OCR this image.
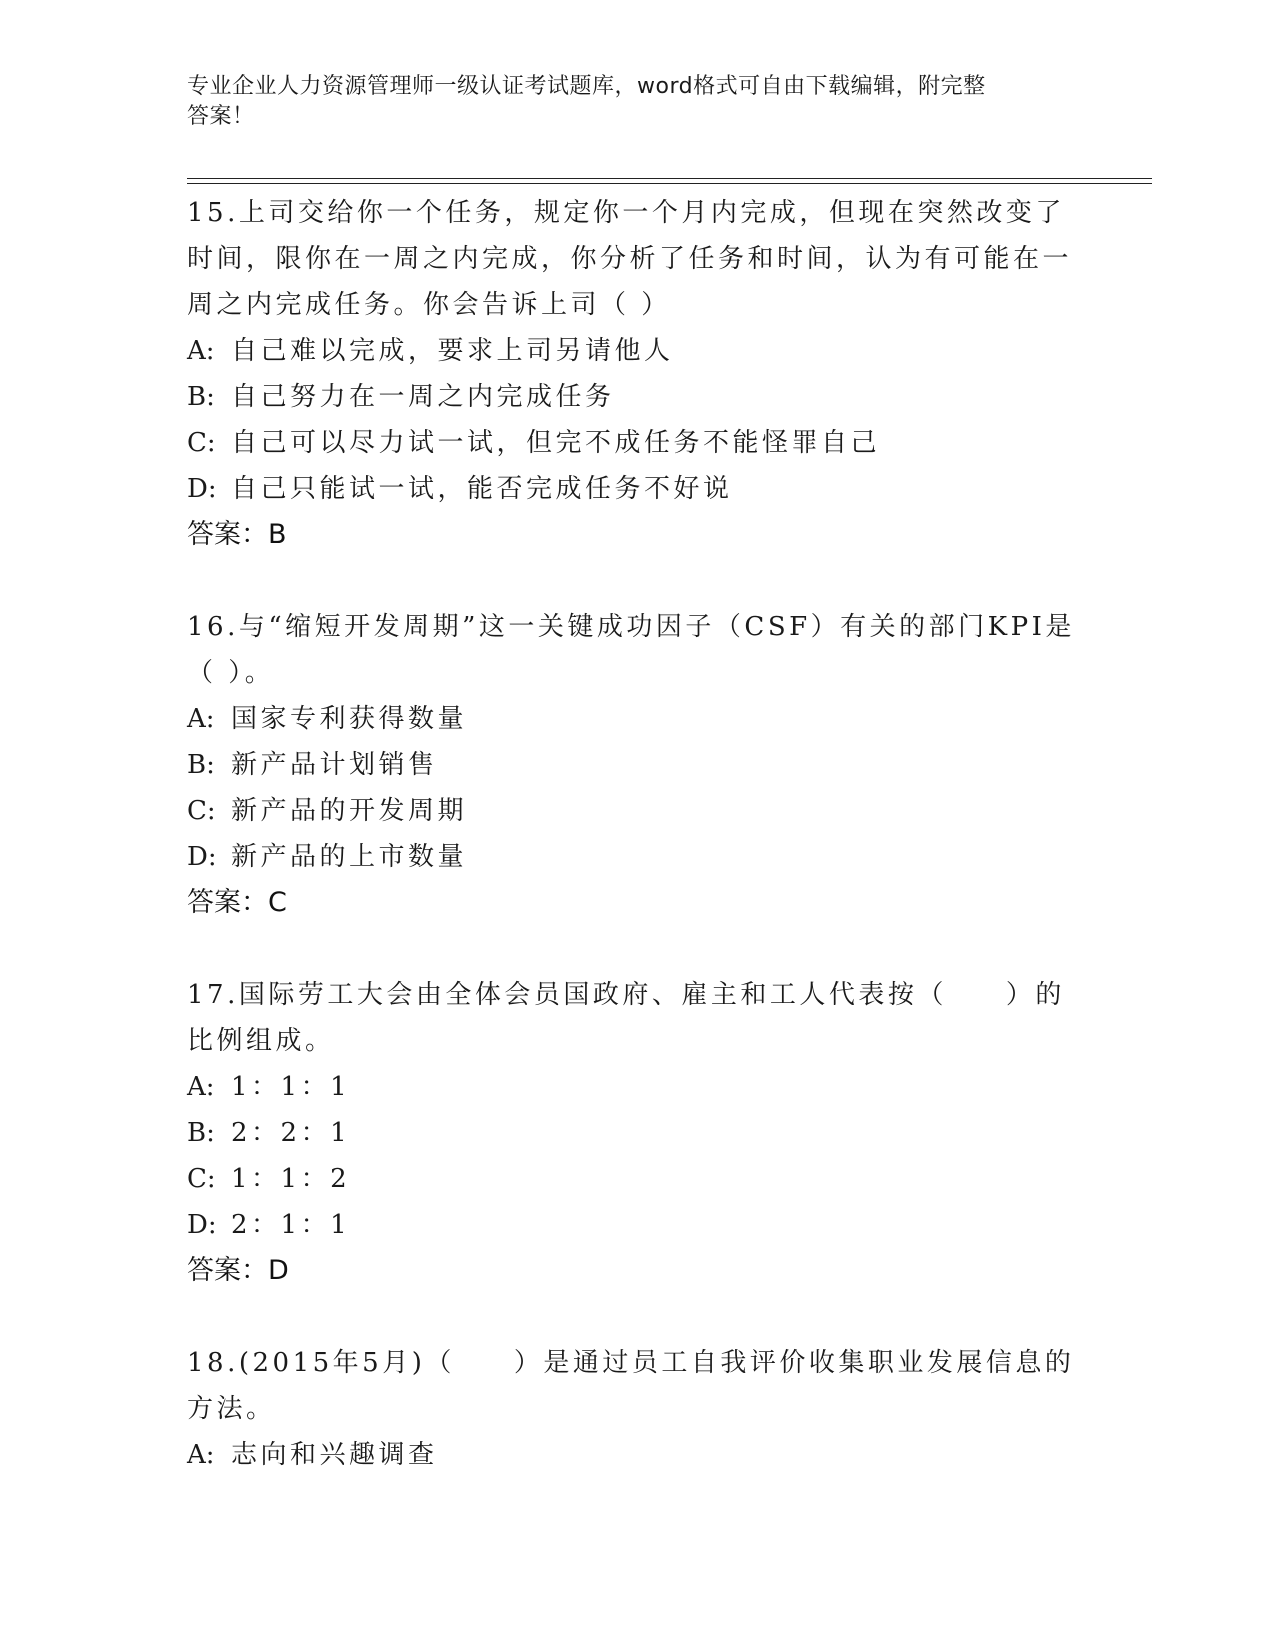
专业企业人力资源管理师一级认证考试题库，word格式可自由下载编辑，附完整
答案！

15.上司交给你一个任务，规定你一个月内完成，但现在突然改变了时间，限你在一周之内完成，你分析了任务和时间，认为有可能在一周之内完成任务。你会告诉上司（ ）

A: 自己难以完成，要求上司另请他人

B: 自己努力在一周之内完成任务

C: 自己可以尽力试一试，但完不成任务不能怪罪自己

D: 自己只能试一试，能否完成任务不好说

答案：B

16.与“缩短开发周期”这一关键成功因子（CSF）有关的部门KPI是（ ）。

A: 国家专利获得数量

B: 新产品计划销售

C: 新产品的开发周期

D: 新产品的上市数量

答案：C

17.国际劳工大会由全体会员国政府、雇主和工人代表按（　　）的比例组成。

A: 1：1：1

B: 2：2：1

C: 1：1：2

D: 2：1：1

答案：D

18.(2015年5月)（　　）是通过员工自我评价收集职业发展信息的方法。

A: 志向和兴趣调查
